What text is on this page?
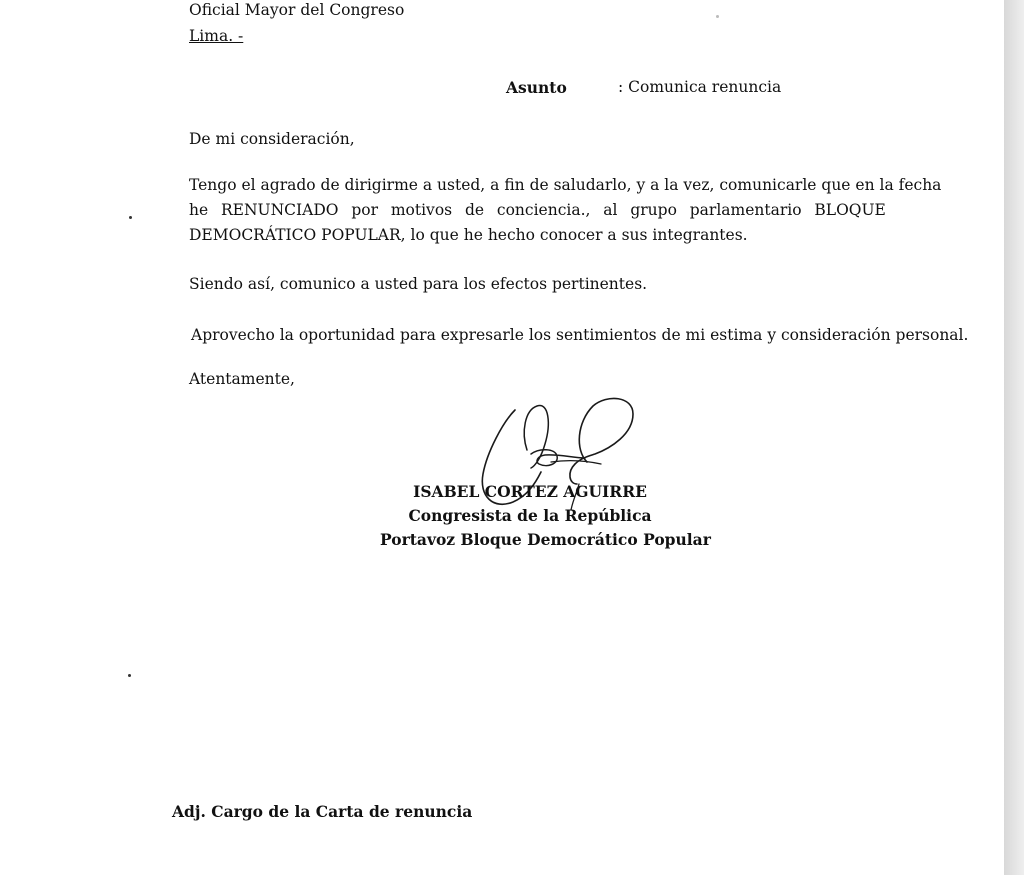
Oficial Mayor del Congreso
Lima. -
Asunto	: Comunica renuncia
De mi consideración,
Tengo el agrado de dirigirme a usted, a fin de saludarlo, y a la vez, comunicarle que en la fecha
he RENUNCIADO por motivos de conciencia., al grupo parlamentario BLOQUE
DEMOCRÁTICO POPULAR, lo que he hecho conocer a sus integrantes.
Siendo así, comunico a usted para los efectos pertinentes.
Aprovecho la oportunidad para expresarle los sentimientos de mi estima y consideración personal.
Atentamente,
ISABEL CORTEZ AGUIRRE
Congresista de la República
Portavoz Bloque Democrático Popular
Adj. Cargo de la Carta de renuncia
